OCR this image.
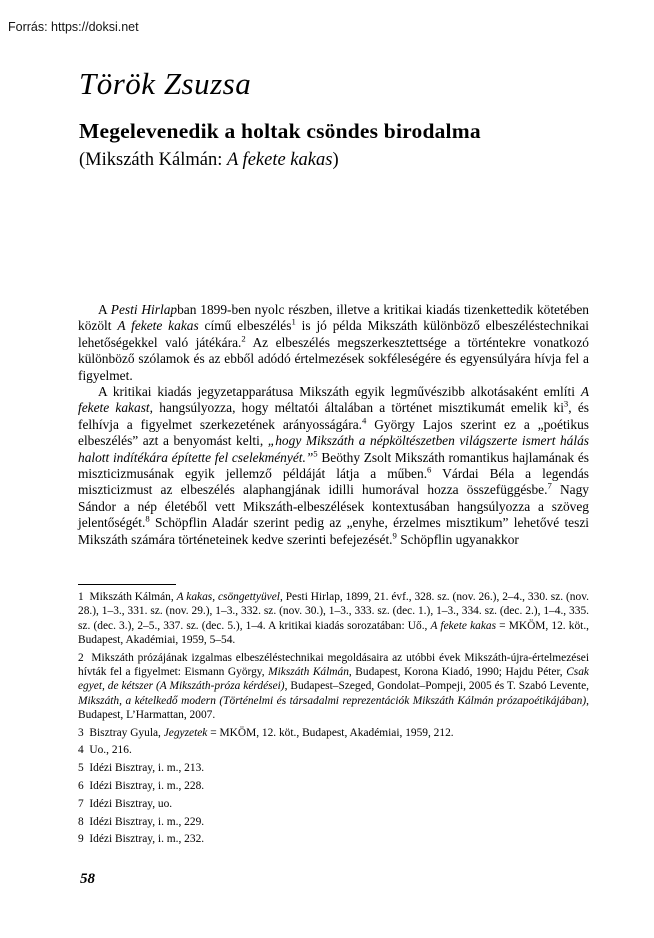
Forrás: https://doksi.net
Török Zsuzsa
Megelevenedik a holtak csöndes birodalma
(Mikszáth Kálmán: A fekete kakas)

A Pesti Hirlapban 1899-ben nyolc részben, illetve a kritikai kiadás tizenkettedik kötetében közölt A fekete kakas című elbeszélés$^1$ is jó példa Mikszáth különböző elbeszéléstechnikai lehetőségekkel való játékára.$^2$ Az elbeszélés megszerkesztettsége a történtekre vonatkozó különböző szólamok és az ebből adódó értelmezések sokféleségére és egyensúlyára hívja fel a figyelmet.

A kritikai kiadás jegyzetapparátusa Mikszáth egyik legművészibb alkotásaként említi A fekete kakast, hangsúlyozza, hogy méltatói általában a történet misztikumát emelik $ki^3$, és felhívja a figyelmet szerkezetének arányosságára.$^4$ György Lajos szerint ez a „poétikus elbeszélés” azt a benyomást kelti, „hogy Mikszáth a népköltészetben világszerte ismert hálás halott indítékára építette fel cselekményét.”$^5$ Beöthy Zsolt Mikszáth romantikus hajlamának és miszticizmusának egyik jellemző példáját látja a műben.$^6$ Várdai Béla a legendás miszticizmust az elbeszélés alaphangjának idilli humorával hozza összefüggésbe.$^7$ Nagy Sándor a nép életéből vett Mikszáth-elbeszélések kontextusában hangsúlyozza a szöveg jelentőségét.$^8$ Schöpflin Aladár szerint pedig az „enyhe, érzelmes misztikum” lehetővé teszi Mikszáth számára történeteinek kedve szerinti befejezését.$^9$ Schöpflin ugyanakkor

1  Mikszáth Kálmán, A kakas, csöngettyüvel, Pesti Hirlap, 1899, 21. évf., 328. sz. (nov. 26.), 2–4., 330. sz. (nov. 28.), 1–3., 331. sz. (nov. 29.), 1–3., 332. sz. (nov. 30.), 1–3., 333. sz. (dec. 1.), 1–3., 334. sz. (dec. 2.), 1–4., 335. sz. (dec. 3.), 2–5., 337. sz. (dec. 5.), 1–4. A kritikai kiadás sorozatában: Uő., A fekete kakas = MKÖM, 12. köt., Budapest, Akadémiai, 1959, 5–54.

2  Mikszáth prózájának izgalmas elbeszéléstechnikai megoldásaira az utóbbi évek Mikszáth-újra-értelmezései hívták fel a figyelmet: Eismann György, Mikszáth Kálmán, Budapest, Korona Kiadó, 1990; Hajdu Péter, Csak egyet, de kétszer (A Mikszáth-próza kérdései), Budapest–Szeged, Gondolat–Pompeji, 2005 és T. Szabó Levente, Mikszáth, a kételkedő modern (Történelmi és társadalmi reprezentációk Mikszáth Kálmán prózapoétikájában), Budapest, L’Harmattan, 2007.

3  Bisztray Gyula, Jegyzetek = MKÖM, 12. köt., Budapest, Akadémiai, 1959, 212.

4  Uo., 216.

5  Idézi Bisztray, i. m., 213.

6  Idézi Bisztray, i. m., 228.

7  Idézi Bisztray, uo.

8  Idézi Bisztray, i. m., 229.

9  Idézi Bisztray, i. m., 232.

58
